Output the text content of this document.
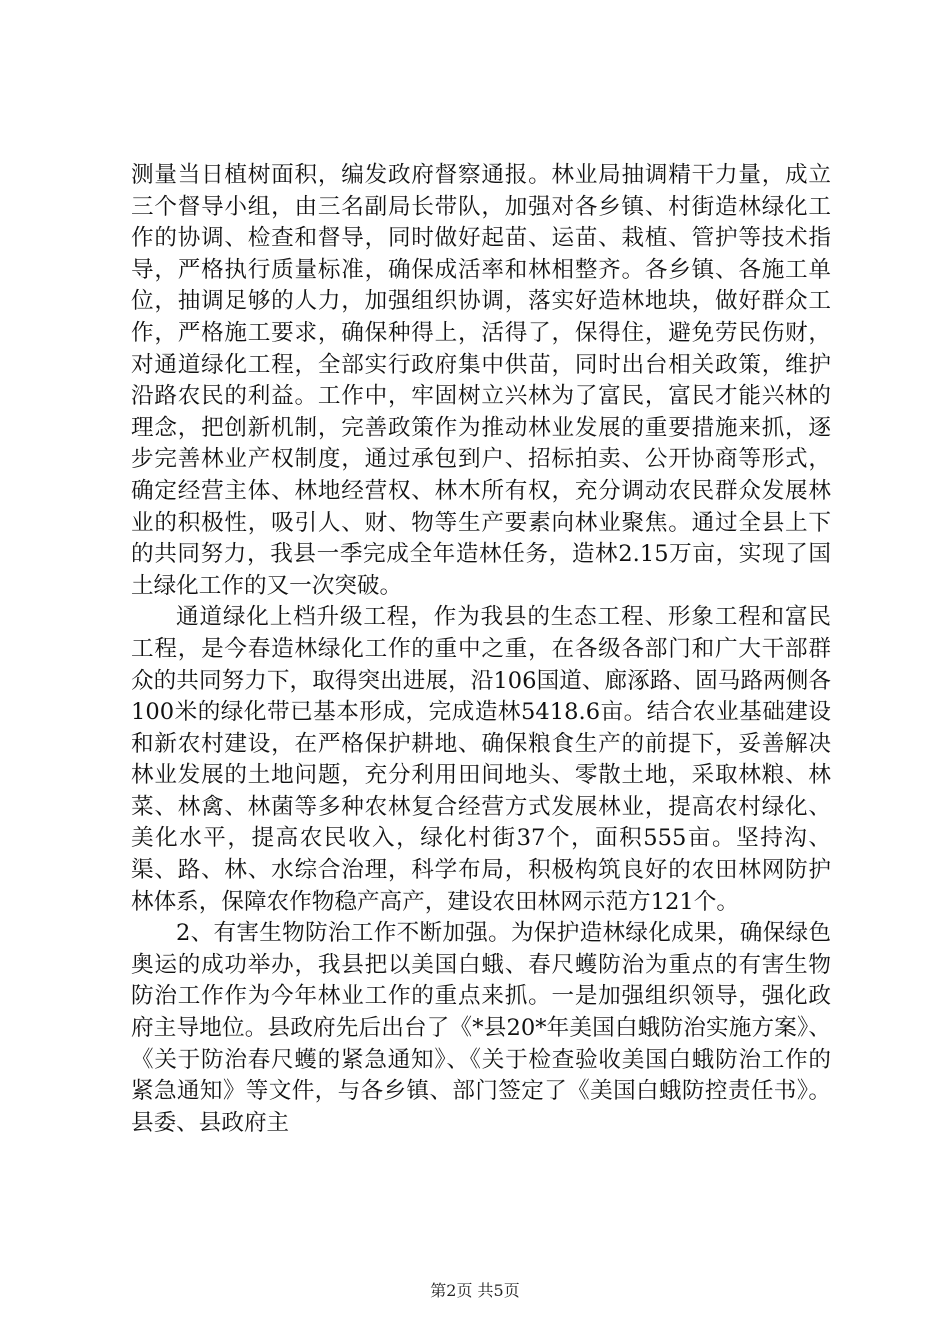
测量当日植树面积，编发政府督察通报。林业局抽调精干力量，成立三个督导小组，由三名副局长带队，加强对各乡镇、村街造林绿化工作的协调、检查和督导，同时做好起苗、运苗、栽植、管护等技术指导，严格执行质量标准，确保成活率和林相整齐。各乡镇、各施工单位，抽调足够的人力，加强组织协调，落实好造林地块，做好群众工作，严格施工要求，确保种得上，活得了，保得住，避免劳民伤财，对通道绿化工程，全部实行政府集中供苗，同时出台相关政策，维护沿路农民的利益。工作中，牢固树立兴林为了富民，富民才能兴林的理念，把创新机制，完善政策作为推动林业发展的重要措施来抓，逐步完善林业产权制度，通过承包到户、招标拍卖、公开协商等形式，确定经营主体、林地经营权、林木所有权，充分调动农民群众发展林业的积极性，吸引人、财、物等生产要素向林业聚焦。通过全县上下的共同努力，我县一季完成全年造林任务，造林2.15万亩，实现了国土绿化工作的又一次突破。

通道绿化上档升级工程，作为我县的生态工程、形象工程和富民工程，是今春造林绿化工作的重中之重，在各级各部门和广大干部群众的共同努力下，取得突出进展，沿106国道、廊涿路、固马路两侧各100米的绿化带已基本形成，完成造林5418.6亩。结合农业基础建设和新农村建设，在严格保护耕地、确保粮食生产的前提下，妥善解决林业发展的土地问题，充分利用田间地头、零散土地，采取林粮、林菜、林禽、林菌等多种农林复合经营方式发展林业，提高农村绿化、美化水平，提高农民收入，绿化村街37个，面积555亩。坚持沟、渠、路、林、水综合治理，科学布局，积极构筑良好的农田林网防护林体系，保障农作物稳产高产，建设农田林网示范方121个。

2、有害生物防治工作不断加强。为保护造林绿化成果，确保绿色奥运的成功举办，我县把以美国白蛾、春尺蠖防治为重点的有害生物防治工作作为今年林业工作的重点来抓。一是加强组织领导，强化政府主导地位。县政府先后出台了《*县20*年美国白蛾防治实施方案》、《关于防治春尺蠖的紧急通知》、《关于检查验收美国白蛾防治工作的紧急通知》等文件，与各乡镇、部门签定了《美国白蛾防控责任书》。县委、县政府主

第2页 共5页
